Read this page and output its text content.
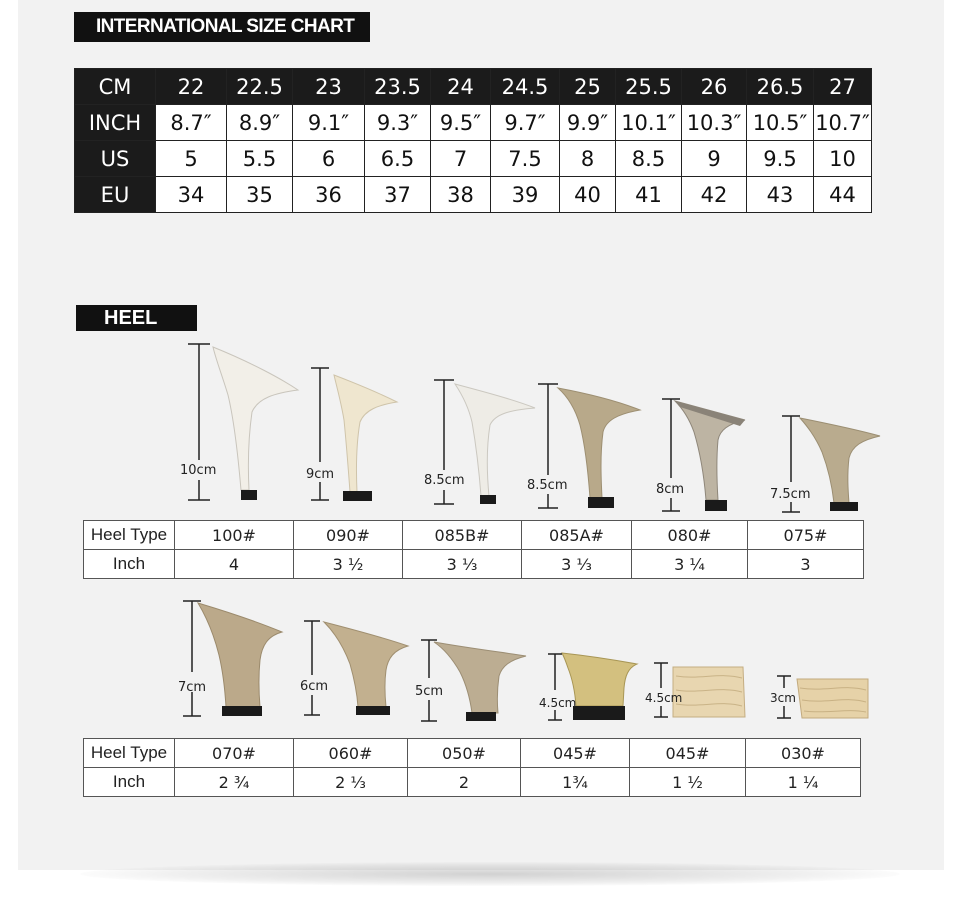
INTERNATIONAL SIZE CHART
CM	22	22.5	23	23.5	24	24.5	25	25.5	26	26.5	27
INCH	8.7″	8.9″	9.1″	9.3″	9.5″	9.7″	9.9″	10.1″	10.3″	10.5″	10.7″
US	5	5.5	6	6.5	7	7.5	8	8.5	9	9.5	10
EU	34	35	36	37	38	39	40	41	42	43	44
HEEL
10cm	9cm	8.5cm	8.5cm	8cm	7.5cm
7cm	6cm	5cm
4.5cm	4.5cm	3cm
Heel Type	100#	090#	085B#	085A#	080#	075#
Inch	4	3 ½	3 ⅓	3 ⅓	3 ¼	3
Heel Type	070#	060#	050#	045#	045#	030#
Inch	2 ¾	2 ⅓	2	1¾	1 ½	1 ¼
